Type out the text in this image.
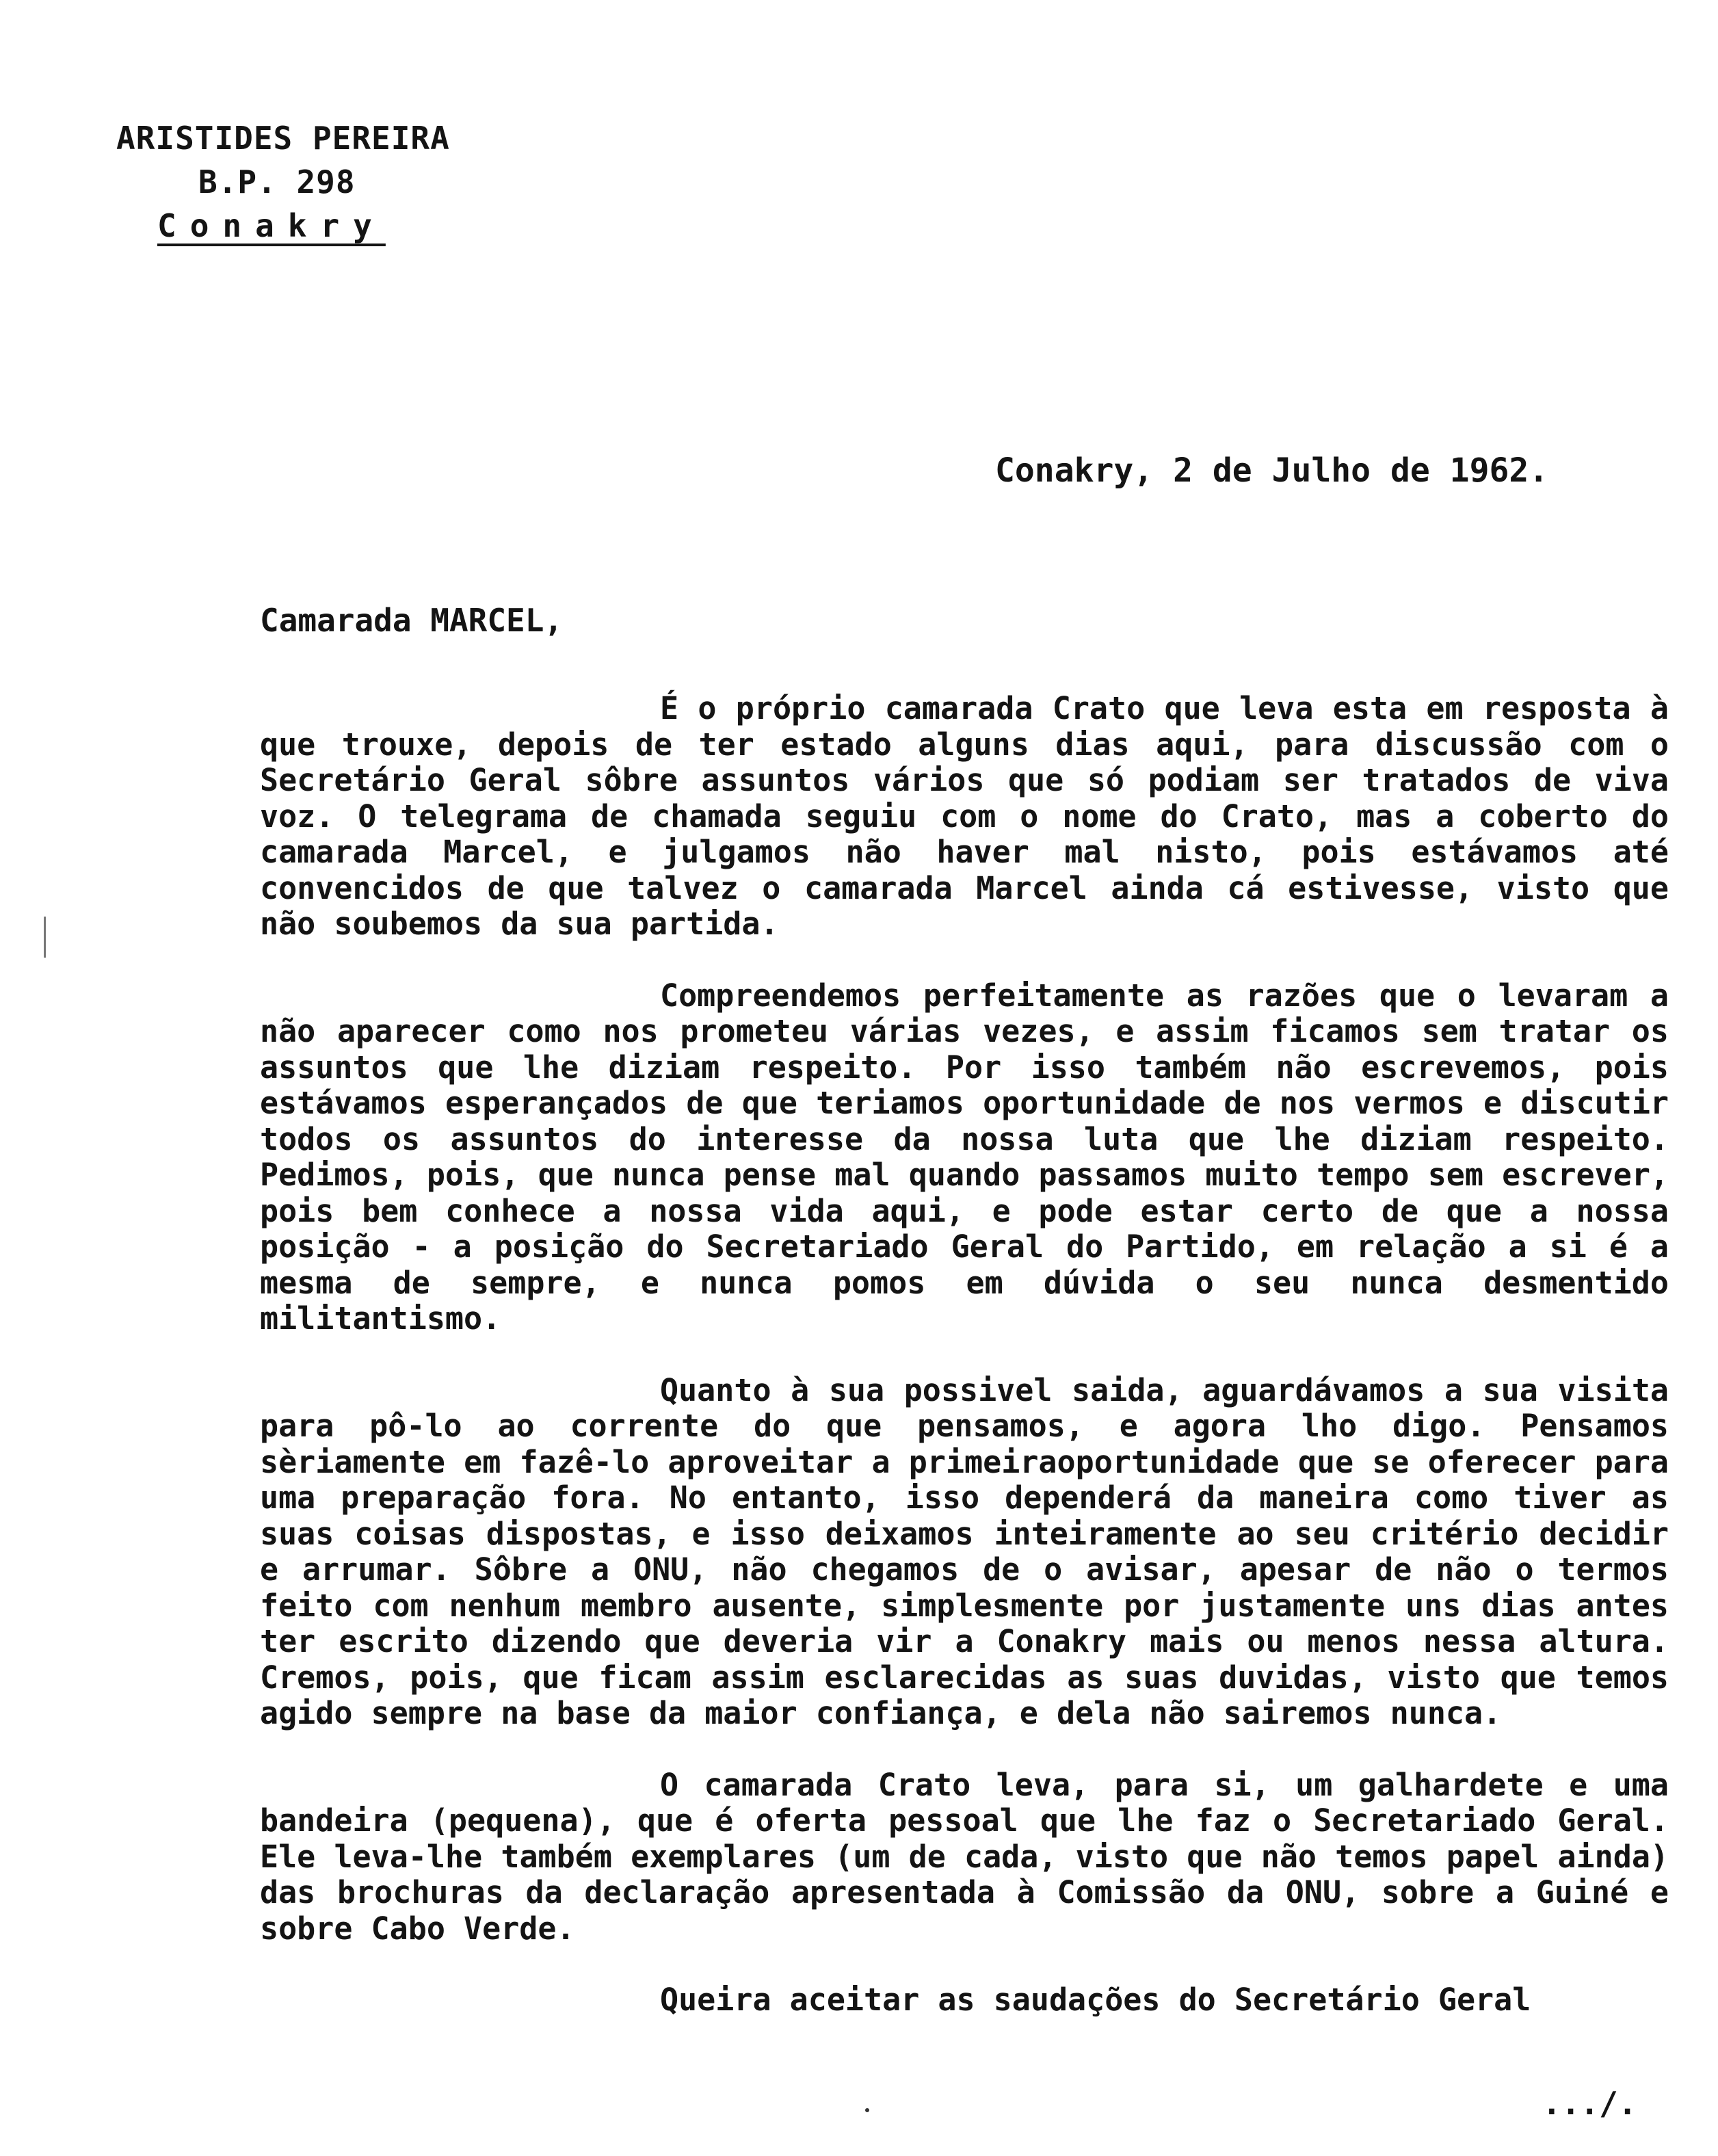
ARISTIDES PEREIRA
B.P. 298
Conakry
Conakry, 2 de Julho de 1962.
Camarada MARCEL,

É o próprio camarada Crato que leva esta em resposta à que trouxe, depois de ter estado alguns dias aqui, para discussão com o Secretário Geral sôbre assuntos vários que só podiam ser tratados de viva voz. O telegrama de chamada seguiu com o nome do Crato, mas a coberto do camarada Marcel, e julgamos não haver mal nisto, pois estávamos até convencidos de que talvez o camarada Marcel ainda cá estivesse, visto que não soubemos da sua partida.

Compreendemos perfeitamente as razões que o levaram a não aparecer como nos prometeu várias vezes, e assim ficamos sem tratar os assuntos que lhe diziam respeito. Por isso também não escrevemos, pois estávamos esperançados de que teriamos oportunidade de nos vermos e discutir todos os assuntos do interesse da nossa luta que lhe diziam respeito. Pedimos, pois, que nunca pense mal quando passamos muito tempo sem escrever, pois bem conhece a nossa vida aqui, e pode estar certo de que a nossa posição - a posição do Secretariado Geral do Partido, em relação a si é a mesma de sempre, e nunca pomos em dúvida o seu nunca desmentido militantismo.

Quanto à sua possivel saida, aguardávamos a sua visita para pô-lo ao corrente do que pensamos, e agora lho digo. Pensamos sèriamente em fazê-lo aproveitar a primeiraoportunidade que se oferecer para uma preparação fora. No entanto, isso dependerá da maneira como tiver as suas coisas dispostas, e isso deixamos inteiramente ao seu critério decidir e arrumar. Sôbre a ONU, não chegamos de o avisar, apesar de não o termos feito com nenhum membro ausente, simplesmente por justamente uns dias antes ter escrito dizendo que deveria vir a Conakry mais ou menos nessa altura. Cremos, pois, que ficam assim esclarecidas as suas duvidas, visto que temos agido sempre na base da maior confiança, e dela não sairemos nunca.

O camarada Crato leva, para si, um galhardete e uma bandeira (pequena), que é oferta pessoal que lhe faz o Secretariado Geral. Ele leva-lhe também exemplares (um de cada, visto que não temos papel ainda) das brochuras da declaração apresentada à Comissão da ONU, sobre a Guiné e sobre Cabo Verde.

Queira aceitar as saudações do Secretário Geral

.../.
